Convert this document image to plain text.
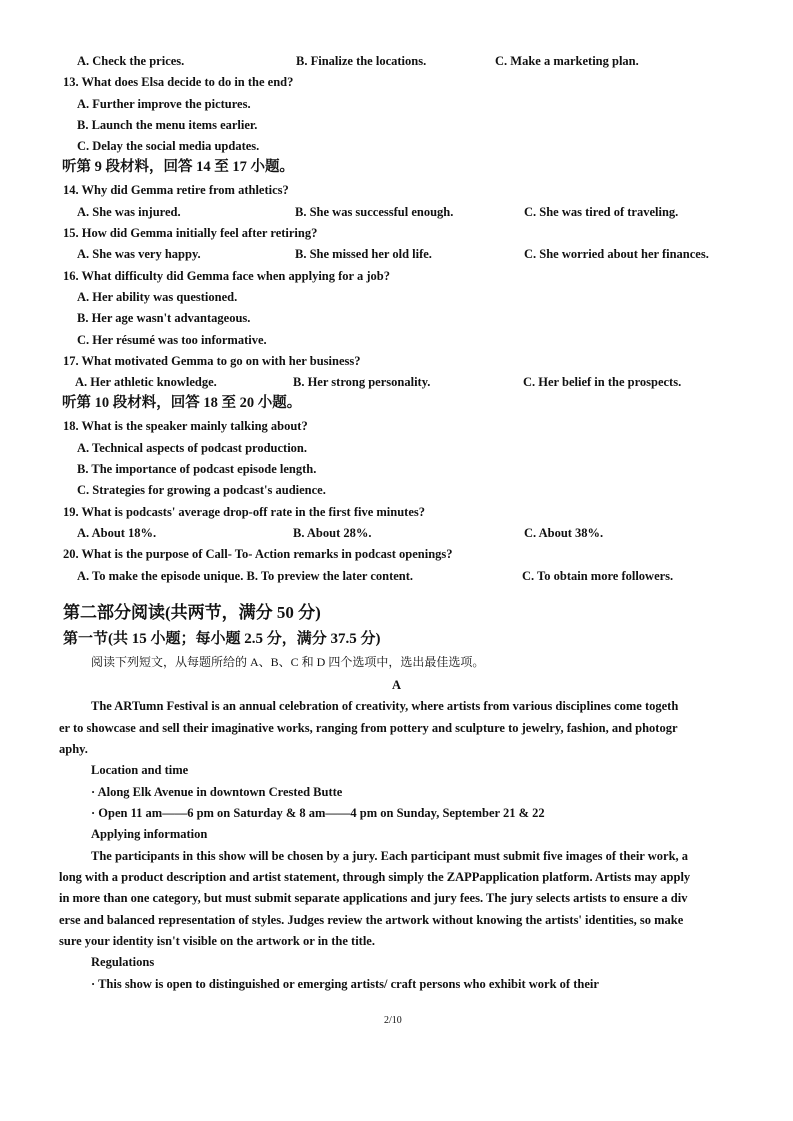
A. Check the prices.	B. Finalize the locations.	C. Make a marketing plan.
13. What does Elsa decide to do in the end?
A. Further improve the pictures.
B. Launch the menu items earlier.
C. Delay the social media updates.
听第 9 段材料，回答 14 至 17 小题。
14. Why did Gemma retire from athletics?
A. She was injured.	B. She was successful enough.	C. She was tired of traveling.
15. How did Gemma initially feel after retiring?
A. She was very happy.	B. She missed her old life.	C. She worried about her finances.
16. What difficulty did Gemma face when applying for a job?
A. Her ability was questioned.
B. Her age wasn't advantageous.
C. Her résumé was too informative.
17. What motivated Gemma to go on with her business?
A. Her athletic knowledge.	B. Her strong personality.	C. Her belief in the prospects.
听第 10 段材料，回答 18 至 20 小题。
18. What is the speaker mainly talking about?
A. Technical aspects of podcast production.
B. The importance of podcast episode length.
C. Strategies for growing a podcast's audience.
19. What is podcasts' average drop-off rate in the first five minutes?
A. About 18%.	B. About 28%.	C. About 38%.
20. What is the purpose of Call- To- Action remarks in podcast openings?
A. To make the episode unique. B. To preview the later content.	C. To obtain more followers.
第二部分阅读(共两节，满分 50 分)
第一节(共 15 小题；每小题 2.5 分，满分 37.5 分)
阅读下列短文，从每题所给的 A、B、C 和 D 四个选项中，选出最佳选项。
A
The ARTumn Festival is an annual celebration of creativity, where artists from various disciplines come togeth
er to showcase and sell their imaginative works, ranging from pottery and sculpture to jewelry, fashion, and photogr
aphy.
Location and time
· Along Elk Avenue in downtown Crested Butte
· Open 11 am——6 pm on Saturday & 8 am——4 pm on Sunday, September 21 & 22
Applying information
The participants in this show will be chosen by a jury. Each participant must submit five images of their work, a
long with a product description and artist statement, through simply the ZAPPapplication platform. Artists may apply
in more than one category, but must submit separate applications and jury fees. The jury selects artists to ensure a div
erse and balanced representation of styles. Judges review the artwork without knowing the artists' identities, so make
sure your identity isn't visible on the artwork or in the title.
Regulations
· This show is open to distinguished or emerging artists/ craft persons who exhibit work of their
2/10
